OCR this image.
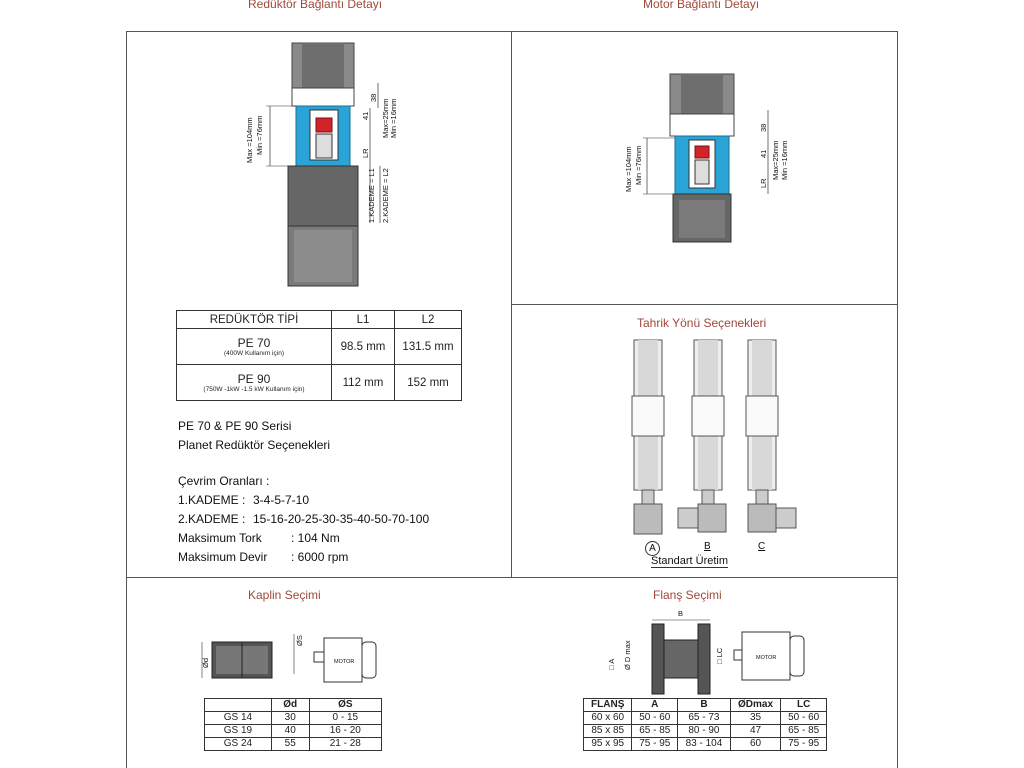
Redüktör Bağlantı Detayı	Motor Bağlantı Detayı
Tahrik Yönü Seçenekleri
Kaplin Seçimi	Flanş Seçimi
Max =104mm Min =76mm
38
41
LR
Max=25mm Min =16mm
1.KADEME = L1 2.KADEME = L2	Max =104mm Min =76mm
38
41
LR
Max=25mm Min =16mm
REDÜKTÖR TİPİ	L1	L2

PE 70
(400W Kullanım için)	98.5 mm	131.5 mm

PE 90
(750W -1kW -1.5 kW Kullanım için)	112 mm	152 mm
PE 70 & PE 90 Serisi
Planet Redüktör Seçenekleri
Çevrim Oranları :
1.KADEME : 3-4-5-7-10
2.KADEME : 15-16-20-25-30-35-40-50-70-100
Maksimum Tork : 104 Nm
Maksimum Devir : 6000 rpm
A	B	C
Standart Üretim
Ød
ØS
MOTOR
	Ød	ØS
GS 14	30	0 - 15
GS 19	40	16 - 20
GS 24	55	21 - 28
B
□ A Ø D max	□ LC	MOTOR
FLANŞ	A	B	ØDmax	LC
60 x 60	50 - 60	65 - 73	35	50 - 60
85 x 85	65 - 85	80 - 90	47	65 - 85
95 x 95	75 - 95	83 - 104	60	75 - 95
